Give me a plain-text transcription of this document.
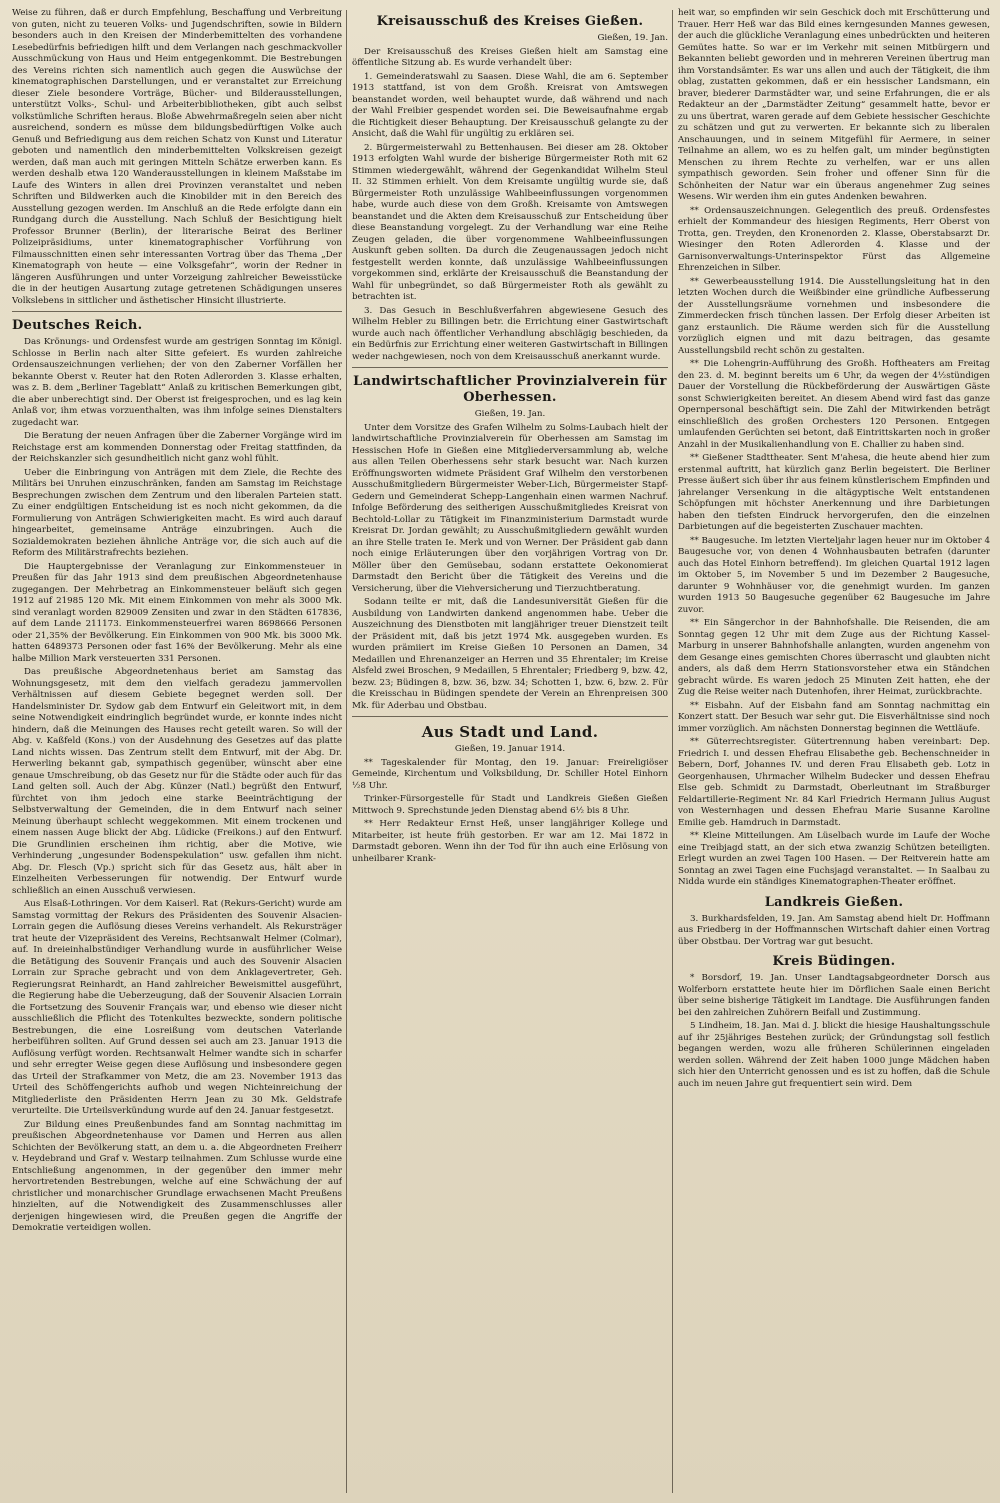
Weise zu führen, daß er durch Empfehlung, Beschaffung und Verbreitung von guten, nicht zu teueren Volks- und Jugendschriften, sowie in Bildern besonders auch in den Kreisen der Minderbemittelten des vorhandene Lesebedürfnis befriedigen hilft und dem Verlangen nach geschmackvoller Ausschmückung von Haus und Heim entgegenkommt. Die Bestrebungen des Vereins richten sich namentlich auch gegen die Auswüchse der kinematographischen Darstellungen, und er veranstaltet zur Erreichung dieser Ziele besondere Vorträge, Bücher- und Bilderausstellungen, unterstützt Volks-, Schul- und Arbeiterbibliotheken, gibt auch selbst volkstümliche Schriften heraus. Bloße Abwehrmaßregeln seien aber nicht ausreichend, sondern es müsse dem bildungsbedürftigen Volke auch Genuß und Befriedigung aus dem reichen Schatz von Kunst und Literatur geboten und namentlich den minderbemittelten Volkskreisen gezeigt werden, daß man auch mit geringen Mitteln Schätze erwerben kann. Es werden deshalb etwa 120 Wanderausstellungen in kleinem Maßstabe im Laufe des Winters in allen drei Provinzen veranstaltet und neben Schriften und Bildwerken auch die Kinobilder mit in den Bereich des Ausstellung gezogen werden. Im Anschluß an die Rede erfolgte dann ein Rundgang durch die Ausstellung. Nach Schluß der Besichtigung hielt Professor Brunner (Berlin), der literarische Beirat des Berliner Polizeipräsidiums, unter kinematographischer Vorführung von Filmausschnitten einen sehr interessanten Vortrag über das Thema „Der Kinematograph von heute — eine Volksgefahr“, worin der Redner in längeren Ausführungen und unter Vorzeigung zahlreicher Beweisstücke die in der heutigen Ausartung zutage getretenen Schädigungen unseres Volkslebens in sittlicher und ästhetischer Hinsicht illustrierte.

Deutsches Reich.

Das Krönungs- und Ordensfest wurde am gestrigen Sonntag im Königl. Schlosse in Berlin nach alter Sitte gefeiert. Es wurden zahlreiche Ordensauszeichnungen verliehen; der von den Zaberner Vorfällen her bekannte Oberst v. Reuter hat den Roten Adlerorden 3. Klasse erhalten, was z. B. dem „Berliner Tageblatt“ Anlaß zu kritischen Bemerkungen gibt, die aber unberechtigt sind. Der Oberst ist freigesprochen, und es lag kein Anlaß vor, ihm etwas vorzuenthalten, was ihm infolge seines Dienstalters zugedacht war.

Die Beratung der neuen Anfragen über die Zaberner Vorgänge wird im Reichstage erst am kommenden Donnerstag oder Freitag stattfinden, da der Reichskanzler sich gesundheitlich nicht ganz wohl fühlt.

Ueber die Einbringung von Anträgen mit dem Ziele, die Rechte des Militärs bei Unruhen einzuschränken, fanden am Samstag im Reichstage Besprechungen zwischen dem Zentrum und den liberalen Parteien statt. Zu einer endgültigen Entscheidung ist es noch nicht gekommen, da die Formulierung von Anträgen Schwierigkeiten macht. Es wird auch darauf hingearbeitet, gemeinsame Anträge einzubringen. Auch die Sozialdemokraten beziehen ähnliche Anträge vor, die sich auch auf die Reform des Militärstrafrechts beziehen.

Die Hauptergebnisse der Veranlagung zur Einkommensteuer in Preußen für das Jahr 1913 sind dem preußischen Abgeordnetenhause zugegangen. Der Mehrbetrag an Einkommensteuer beläuft sich gegen 1912 auf 21985 120 Mk. Mit einem Einkommen von mehr als 3000 Mk. sind veranlagt worden 829009 Zensiten und zwar in den Städten 617836, auf dem Lande 211173. Einkommensteuerfrei waren 8698666 Personen oder 21,35% der Bevölkerung. Ein Einkommen von 900 Mk. bis 3000 Mk. hatten 6489373 Personen oder fast 16% der Bevölkerung. Mehr als eine halbe Million Mark versteuerten 331 Personen.

Das preußische Abgeordnetenhaus beriet am Samstag das Wohnungsgesetz, mit dem den vielfach geradezu jammervollen Verhältnissen auf diesem Gebiete begegnet werden soll. Der Handelsminister Dr. Sydow gab dem Entwurf ein Geleitwort mit, in dem seine Notwendigkeit eindringlich begründet wurde, er konnte indes nicht hindern, daß die Meinungen des Hauses recht geteilt waren. So will der Abg. v. Kaßfeld (Kons.) von der Ausdehnung des Gesetzes auf das platte Land nichts wissen. Das Zentrum stellt dem Entwurf, mit der Abg. Dr. Herwerling bekannt gab, sympathisch gegenüber, wünscht aber eine genaue Umschreibung, ob das Gesetz nur für die Städte oder auch für das Land gelten soll. Auch der Abg. Künzer (Natl.) begrüßt den Entwurf, fürchtet von ihm jedoch eine starke Beeinträchtigung der Selbstverwaltung der Gemeinden, die in dem Entwurf nach seiner Meinung überhaupt schlecht weggekommen. Mit einem trockenen und einem nassen Auge blickt der Abg. Lüdicke (Freikons.) auf den Entwurf. Die Grundlinien erscheinen ihm richtig, aber die Motive, wie Verhinderung „ungesunder Bodenspekulation“ usw. gefallen ihm nicht. Abg. Dr. Flesch (Vp.) spricht sich für das Gesetz aus, hält aber in Einzelheiten Verbesserungen für notwendig. Der Entwurf wurde schließlich an einen Ausschuß verwiesen.

Aus Elsaß-Lothringen. Vor dem Kaiserl. Rat (Rekurs-Gericht) wurde am Samstag vormittag der Rekurs des Präsidenten des Souvenir Alsacien-Lorrain gegen die Auflösung dieses Vereins verhandelt. Als Rekursträger trat heute der Vizepräsident des Vereins, Rechtsanwalt Helmer (Colmar), auf. In dreieinhalbstündiger Verhandlung wurde in ausführlicher Weise die Betätigung des Souvenir Français und auch des Souvenir Alsacien Lorrain zur Sprache gebracht und von dem Anklagevertreter, Geh. Regierungsrat Reinhardt, an Hand zahlreicher Beweismittel ausgeführt, die Regierung habe die Ueberzeugung, daß der Souvenir Alsacien Lorrain die Fortsetzung des Souvenir Français war, und ebenso wie dieser nicht ausschließlich die Pflicht des Totenkultes bezweckte, sondern politische Bestrebungen, die eine Losreißung vom deutschen Vaterlande herbeiführen sollten. Auf Grund dessen sei auch am 23. Januar 1913 die Auflösung verfügt worden. Rechtsanwalt Helmer wandte sich in scharfer und sehr erregter Weise gegen diese Auflösung und insbesondere gegen das Urteil der Strafkammer von Metz, die am 23. November 1913 das Urteil des Schöffengerichts aufhob und wegen Nichteinreichung der Mitgliederliste den Präsidenten Herrn Jean zu 30 Mk. Geldstrafe verurteilte. Die Urteilsverkündung wurde auf den 24. Januar festgesetzt.

Zur Bildung eines Preußenbundes fand am Sonntag nachmittag im preußischen Abgeordnetenhause vor Damen und Herren aus allen Schichten der Bevölkerung statt, an dem u. a. die Abgeordneten Freiherr v. Heydebrand und Graf v. Westarp teilnahmen. Zum Schlusse wurde eine Entschließung angenommen, in der gegenüber den immer mehr hervortretenden Bestrebungen, welche auf eine Schwächung der auf christlicher und monarchischer Grundlage erwachsenen Macht Preußens hinzielten, auf die Notwendigkeit des Zusammenschlusses aller derjenigen hingewiesen wird, die Preußen gegen die Angriffe der Demokratie verteidigen wollen.

Kreisausschuß des Kreises Gießen.

Gießen, 19. Jan.

Der Kreisausschuß des Kreises Gießen hielt am Samstag eine öffentliche Sitzung ab. Es wurde verhandelt über:

1. Gemeinderatswahl zu Saasen. Diese Wahl, die am 6. September 1913 stattfand, ist von dem Großh. Kreisrat von Amtswegen beanstandet worden, weil behauptet wurde, daß während und nach der Wahl Freibier gespendet worden sei. Die Beweisaufnahme ergab die Richtigkeit dieser Behauptung. Der Kreisausschuß gelangte zu der Ansicht, daß die Wahl für ungültig zu erklären sei.

2. Bürgermeisterwahl zu Bettenhausen. Bei dieser am 28. Oktober 1913 erfolgten Wahl wurde der bisherige Bürgermeister Roth mit 62 Stimmen wiedergewählt, während der Gegenkandidat Wilhelm Steul II. 32 Stimmen erhielt. Von dem Kreisamte ungültig wurde sie, daß Bürgermeister Roth unzulässige Wahlbeeinflussungen vorgenommen habe, wurde auch diese von dem Großh. Kreisamte von Amtswegen beanstandet und die Akten dem Kreisausschuß zur Entscheidung über diese Beanstandung vorgelegt. Zu der Verhandlung war eine Reihe Zeugen geladen, die über vorgenommene Wahlbeeinflussungen Auskunft geben sollten. Da durch die Zeugenaussagen jedoch nicht festgestellt werden konnte, daß unzulässige Wahlbeeinflussungen vorgekommen sind, erklärte der Kreisausschuß die Beanstandung der Wahl für unbegründet, so daß Bürgermeister Roth als gewählt zu betrachten ist.

3. Das Gesuch in Beschlußverfahren abgewiesene Gesuch des Wilhelm Hebler zu Billingen betr. die Errichtung einer Gastwirtschaft wurde auch nach öffentlicher Verhandlung abschlägig beschieden, da ein Bedürfnis zur Errichtung einer weiteren Gastwirtschaft in Billingen weder nachgewiesen, noch von dem Kreisausschuß anerkannt wurde.

Landwirtschaftlicher Provinzialverein für Oberhessen.

Gießen, 19. Jan.

Unter dem Vorsitze des Grafen Wilhelm zu Solms-Laubach hielt der landwirtschaftliche Provinzialverein für Oberhessen am Samstag im Hessischen Hofe in Gießen eine Mitgliederversammlung ab, welche aus allen Teilen Oberhessens sehr stark besucht war. Nach kurzen Eröffnungsworten widmete Präsident Graf Wilhelm den verstorbenen Ausschußmitgliedern Bürgermeister Weber-Lich, Bürgermeister Stapf-Gedern und Gemeinderat Schepp-Langenhain einen warmen Nachruf. Infolge Beförderung des seitherigen Ausschußmitgliedes Kreisrat von Bechtold-Lollar zu Tätigkeit im Finanzministerium Darmstadt wurde Kreisrat Dr. Jordan gewählt; zu Ausschußmitgliedern gewählt wurden an ihre Stelle traten Ie. Merk und von Werner. Der Präsident gab dann noch einige Erläuterungen über den vorjährigen Vortrag von Dr. Möller über den Gemüsebau, sodann erstattete Oekonomierat Darmstadt den Bericht über die Tätigkeit des Vereins und die Versicherung, über die Viehversicherung und Tierzuchtberatung.

Sodann teilte er mit, daß die Landesuniversität Gießen für die Ausbildung von Landwirten dankend angenommen habe. Ueber die Auszeichnung des Dienstboten mit langjähriger treuer Dienstzeit teilt der Präsident mit, daß bis jetzt 1974 Mk. ausgegeben wurden. Es wurden prämiiert im Kreise Gießen 10 Personen an Damen, 34 Medaillen und Ehrenanzeiger an Herren und 35 Ehrentaler; im Kreise Alsfeld zwei Broschen, 9 Medaillen, 5 Ehrentaler; Friedberg 9, bzw. 42, bezw. 23; Büdingen 8, bzw. 36, bzw. 34; Schotten 1, bzw. 6, bzw. 2. Für die Kreisschau in Büdingen spendete der Verein an Ehrenpreisen 300 Mk. für Aderbau und Obstbau.

Aus Stadt und Land.

Gießen, 19. Januar 1914.

** Tageskalender für Montag, den 19. Januar: Freireligiöser Gemeinde, Kirchentum und Volksbildung, Dr. Schiller Hotel Einhorn ½8 Uhr.

Trinker-Fürsorgestelle für Stadt und Landkreis Gießen Gießen Mittwoch 9. Sprechstunde jeden Dienstag abend 6½ bis 8 Uhr.

** Herr Redakteur Ernst Heß, unser langjähriger Kollege und Mitarbeiter, ist heute früh gestorben. Er war am 12. Mai 1872 in Darmstadt geboren. Wenn ihn der Tod für ihn auch eine Erlösung von unheilbarer Krank-

heit war, so empfinden wir sein Geschick doch mit Erschütterung und Trauer. Herr Heß war das Bild eines kerngesunden Mannes gewesen, der auch die glückliche Veranlagung eines unbedrückten und heiteren Gemütes hatte. So war er im Verkehr mit seinen Mitbürgern und Bekannten beliebt geworden und in mehreren Vereinen übertrug man ihm Vorstandsämter. Es war uns allen und auch der Tätigkeit, die ihm oblag, zustatten gekommen, daß er ein hessischer Landsmann, ein braver, biederer Darmstädter war, und seine Erfahrungen, die er als Redakteur an der „Darmstädter Zeitung“ gesammelt hatte, bevor er zu uns übertrat, waren gerade auf dem Gebiete hessischer Geschichte zu schätzen und gut zu verwerten. Er bekannte sich zu liberalen Anschauungen, und in seinem Mitgefühl für Aermere, in seiner Teilnahme an allem, wo es zu helfen galt, um minder begünstigten Menschen zu ihrem Rechte zu verhelfen, war er uns allen sympathisch geworden. Sein froher und offener Sinn für die Schönheiten der Natur war ein überaus angenehmer Zug seines Wesens. Wir werden ihm ein gutes Andenken bewahren.

** Ordensauszeichnungen. Gelegentlich des preuß. Ordensfestes erhielt der Kommandeur des hiesigen Regiments, Herr Oberst von Trotta, gen. Treyden, den Kronenorden 2. Klasse, Oberstabsarzt Dr. Wiesinger den Roten Adlerorden 4. Klasse und der Garnisonverwaltungs-Unterinspektor Fürst das Allgemeine Ehrenzeichen in Silber.

** Gewerbeausstellung 1914. Die Ausstellungsleitung hat in den letzten Wochen durch die Weißbinder eine gründliche Aufbesserung der Ausstellungsräume vornehmen und insbesondere die Zimmerdecken frisch tünchen lassen. Der Erfolg dieser Arbeiten ist ganz erstaunlich. Die Räume werden sich für die Ausstellung vorzüglich eignen und mit dazu beitragen, das gesamte Ausstellungsbild recht schön zu gestalten.

** Die Lohengrin-Aufführung des Großh. Hoftheaters am Freitag den 23. d. M. beginnt bereits um 6 Uhr, da wegen der 4½stündigen Dauer der Vorstellung die Rückbeförderung der Auswärtigen Gäste sonst Schwierigkeiten bereitet. An diesem Abend wird fast das ganze Opernpersonal beschäftigt sein. Die Zahl der Mitwirkenden beträgt einschließlich des großen Orchesters 120 Personen. Entgegen umlaufenden Gerüchten sei betont, daß Eintrittskarten noch in großer Anzahl in der Musikalienhandlung von E. Challier zu haben sind.

** Gießener Stadttheater. Sent M'ahesa, die heute abend hier zum erstenmal auftritt, hat kürzlich ganz Berlin begeistert. Die Berliner Presse äußert sich über ihr aus feinem künstlerischem Empfinden und jahrelanger Versenkung in die altägyptische Welt entstandenen Schöpfungen mit höchster Anerkennung und ihre Darbietungen haben den tiefsten Eindruck hervorgerufen, den die einzelnen Darbietungen auf die begeisterten Zuschauer machten.

** Baugesuche. Im letzten Vierteljahr lagen heuer nur im Oktober 4 Baugesuche vor, von denen 4 Wohnhausbauten betrafen (darunter auch das Hotel Einhorn betreffend). Im gleichen Quartal 1912 lagen im Oktober 5, im November 5 und im Dezember 2 Baugesuche, darunter 9 Wohnhäuser vor, die genehmigt wurden. Im ganzen wurden 1913 50 Baugesuche gegenüber 62 Baugesuche im Jahre zuvor.

** Ein Sängerchor in der Bahnhofshalle. Die Reisenden, die am Sonntag gegen 12 Uhr mit dem Zuge aus der Richtung Kassel-Marburg in unserer Bahnhofshalle anlangten, wurden angenehm von dem Gesange eines gemischten Chores überrascht und glaubten nicht anders, als daß dem Herrn Stationsvorsteher etwa ein Ständchen gebracht würde. Es waren jedoch 25 Minuten Zeit hatten, ehe der Zug die Reise weiter nach Dutenhofen, ihrer Heimat, zurückbrachte.

** Eisbahn. Auf der Eisbahn fand am Sonntag nachmittag ein Konzert statt. Der Besuch war sehr gut. Die Eisverhältnisse sind noch immer vorzüglich. Am nächsten Donnerstag beginnen die Wettläufe.

** Güterrechtsregister. Gütertrennung haben vereinbart: Dep. Friedrich I. und dessen Ehefrau Elisabethe geb. Bechenschneider in Bebern, Dorf, Johannes IV. und deren Frau Elisabeth geb. Lotz in Georgenhausen, Uhrmacher Wilhelm Budecker und dessen Ehefrau Else geb. Schmidt zu Darmstadt, Oberleutnant im Straßburger Feldartillerie-Regiment Nr. 84 Karl Friedrich Hermann Julius August von Westernhagen und dessen Ehefrau Marie Susanne Karoline Emilie geb. Hamdruch in Darmstadt.

** Kleine Mitteilungen. Am Lüselbach wurde im Laufe der Woche eine Treibjagd statt, an der sich etwa zwanzig Schützen beteiligten. Erlegt wurden an zwei Tagen 100 Hasen. — Der Reitverein hatte am Sonntag an zwei Tagen eine Fuchsjagd veranstaltet. — In Saalbau zu Nidda wurde ein ständiges Kinematographen-Theater eröffnet.

Landkreis Gießen.

3. Burkhardsfelden, 19. Jan. Am Samstag abend hielt Dr. Hoffmann aus Friedberg in der Hoffmannschen Wirtschaft dahier einen Vortrag über Obstbau. Der Vortrag war gut besucht.

Kreis Büdingen.

* Borsdorf, 19. Jan. Unser Landtagsabgeordneter Dorsch aus Wolferborn erstattete heute hier im Dörflichen Saale einen Bericht über seine bisherige Tätigkeit im Landtage. Die Ausführungen fanden bei den zahlreichen Zuhörern Beifall und Zustimmung.

5 Lindheim, 18. Jan. Mai d. J. blickt die hiesige Haushaltungsschule auf ihr 25jähriges Bestehen zurück; der Gründungstag soll festlich begangen werden, wozu alle früheren Schülerinnen eingeladen werden sollen. Während der Zeit haben 1000 junge Mädchen haben sich hier den Unterricht genossen und es ist zu hoffen, daß die Schule auch im neuen Jahre gut frequentiert sein wird. Dem
